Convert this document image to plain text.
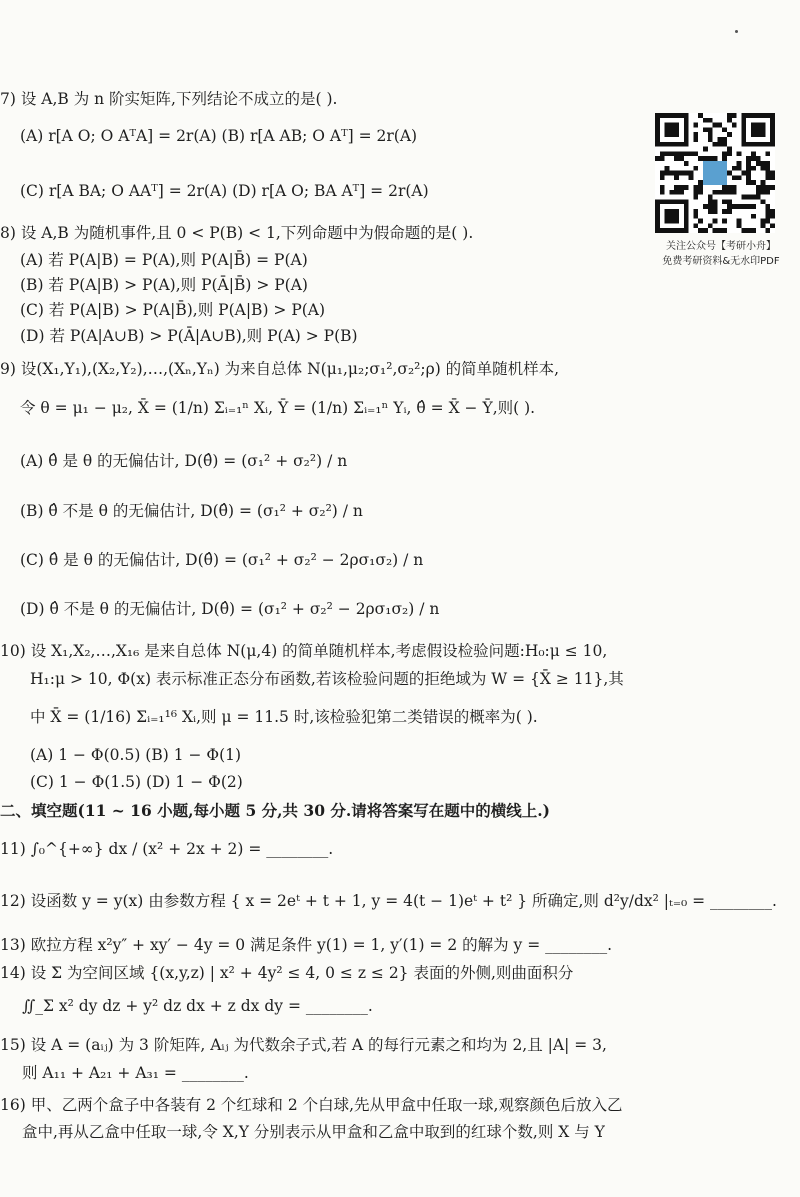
7) 设 A,B 为 n 阶实矩阵,下列结论不成立的是( ).
(A) r[A O; O AᵀA] = 2r(A) (B) r[A AB; O Aᵀ] = 2r(A)
(C) r[A BA; O AAᵀ] = 2r(A) (D) r[A O; BA Aᵀ] = 2r(A)
8) 设 A,B 为随机事件,且 0 < P(B) < 1,下列命题中为假命题的是( ).
(A) 若 P(A|B) = P(A),则 P(A|B̄) = P(A)
(B) 若 P(A|B) > P(A),则 P(Ā|B̄) > P(A)
(C) 若 P(A|B) > P(A|B̄),则 P(A|B) > P(A)
(D) 若 P(A|A∪B) > P(Ā|A∪B),则 P(A) > P(B)
9) 设(X₁,Y₁),(X₂,Y₂),…,(Xₙ,Yₙ) 为来自总体 N(μ₁,μ₂;σ₁²,σ₂²;ρ) 的简单随机样本,
令 θ = μ₁ − μ₂, X̄ = (1/n) Σᵢ₌₁ⁿ Xᵢ, Ȳ = (1/n) Σᵢ₌₁ⁿ Yᵢ, θ̂ = X̄ − Ȳ,则( ).
(A) θ̂ 是 θ 的无偏估计, D(θ̂) = (σ₁² + σ₂²) / n
(B) θ̂ 不是 θ 的无偏估计, D(θ̂) = (σ₁² + σ₂²) / n
(C) θ̂ 是 θ 的无偏估计, D(θ̂) = (σ₁² + σ₂² − 2ρσ₁σ₂) / n
(D) θ̂ 不是 θ 的无偏估计, D(θ̂) = (σ₁² + σ₂² − 2ρσ₁σ₂) / n
10) 设 X₁,X₂,…,X₁₆ 是来自总体 N(μ,4) 的简单随机样本,考虑假设检验问题:H₀:μ ≤ 10,
H₁:μ > 10, Φ(x) 表示标准正态分布函数,若该检验问题的拒绝域为 W = {X̄ ≥ 11},其
中 X̄ = (1/16) Σᵢ₌₁¹⁶ Xᵢ,则 μ = 11.5 时,该检验犯第二类错误的概率为( ).
(A) 1 − Φ(0.5) (B) 1 − Φ(1)
(C) 1 − Φ(1.5) (D) 1 − Φ(2)
二、填空题(11 ~ 16 小题,每小题 5 分,共 30 分.请将答案写在题中的横线上.)
11) ∫₀^{+∞} dx / (x² + 2x + 2) = ________.
12) 设函数 y = y(x) 由参数方程 { x = 2eᵗ + t + 1, y = 4(t − 1)eᵗ + t² } 所确定,则 d²y/dx² |ₜ₌₀ = ________.
13) 欧拉方程 x²y″ + xy′ − 4y = 0 满足条件 y(1) = 1, y′(1) = 2 的解为 y = ________.
14) 设 Σ 为空间区域 {(x,y,z) | x² + 4y² ≤ 4, 0 ≤ z ≤ 2} 表面的外侧,则曲面积分
∬_Σ x² dy dz + y² dz dx + z dx dy = ________.
15) 设 A = (aᵢⱼ) 为 3 阶矩阵, Aᵢⱼ 为代数余子式,若 A 的每行元素之和均为 2,且 |A| = 3,
则 A₁₁ + A₂₁ + A₃₁ = ________.
16) 甲、乙两个盒子中各装有 2 个红球和 2 个白球,先从甲盒中任取一球,观察颜色后放入乙
盒中,再从乙盒中任取一球,令 X,Y 分别表示从甲盒和乙盒中取到的红球个数,则 X 与 Y
关注公众号【考研小舟】
免费考研资料&无水印PDF
